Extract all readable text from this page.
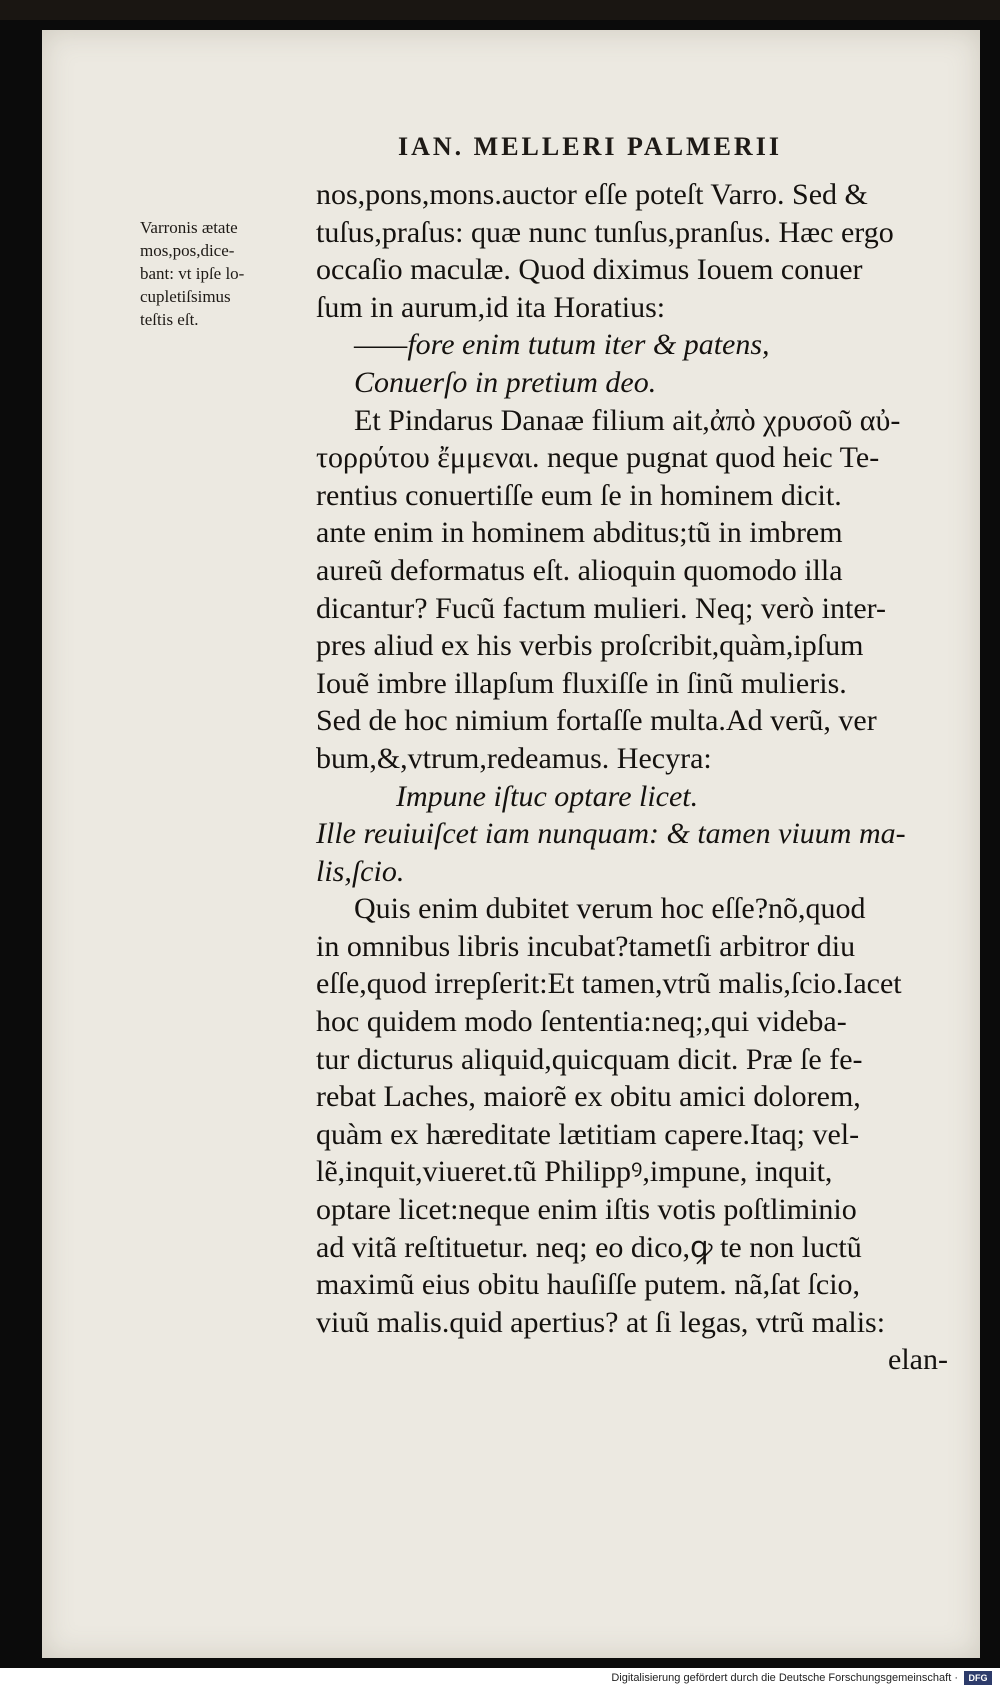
IAN. MELLERI PALMERII
Varronis ætate
mos,pos,dice-
bant: vt ipſe lo-
cupletiſsimus
teſtis eſt.
nos,pons,mons.auctor eſſe poteſt Varro. Sed &
tuſus,praſus: quæ nunc tunſus,pranſus. Hæc ergo
occaſio maculæ. Quod diximus Iouem conuer
ſum in aurum,id ita Horatius:
——fore enim tutum iter & patens,
Conuerſo in pretium deo.
Et Pindarus Danaæ filium ait,ἀπὸ χρυσοῦ αὐ-
τορρύτου ἔμμεναι. neque pugnat quod heic Te-
rentius conuertiſſe eum ſe in hominem dicit.
ante enim in hominem abditus;tũ in imbrem
aureũ deformatus eſt. alioquin quomodo illa
dicantur? Fucũ factum mulieri. Neq; verò inter-
pres aliud ex his verbis proſcribit,quàm,ipſum
Iouẽ imbre illapſum fluxiſſe in ſinũ mulieris.
Sed de hoc nimium fortaſſe multa.Ad verũ, ver
bum,&,vtrum,redeamus. Hecyra:
Impune iſtuc optare licet.
Ille reuiuiſcet iam nunquam: & tamen viuum ma-
lis,ſcio.
Quis enim dubitet verum hoc eſſe?nõ,quod
in omnibus libris incubat?tametſi arbitror diu
eſſe,quod irrepſerit:Et tamen,vtrũ malis,ſcio.Iacet
hoc quidem modo ſententia:neq;,qui videba-
tur dicturus aliquid,quicquam dicit. Præ ſe fe-
rebat Laches, maiorẽ ex obitu amici dolorem,
quàm ex hæreditate lætitiam capere.Itaq; vel-
lẽ,inquit,viueret.tũ Philippꝰ,impune, inquit,
optare licet:neque enim iſtis votis poſtliminio
ad vitã reſtituetur. neq; eo dico,ꝙ te non luctũ
maximũ eius obitu hauſiſſe putem. nã,ſat ſcio,
viuũ malis.quid apertius? at ſi legas, vtrũ malis:
elan-
Digitalisierung gefördert durch die Deutsche Forschungsgemeinschaft ·	DFG
